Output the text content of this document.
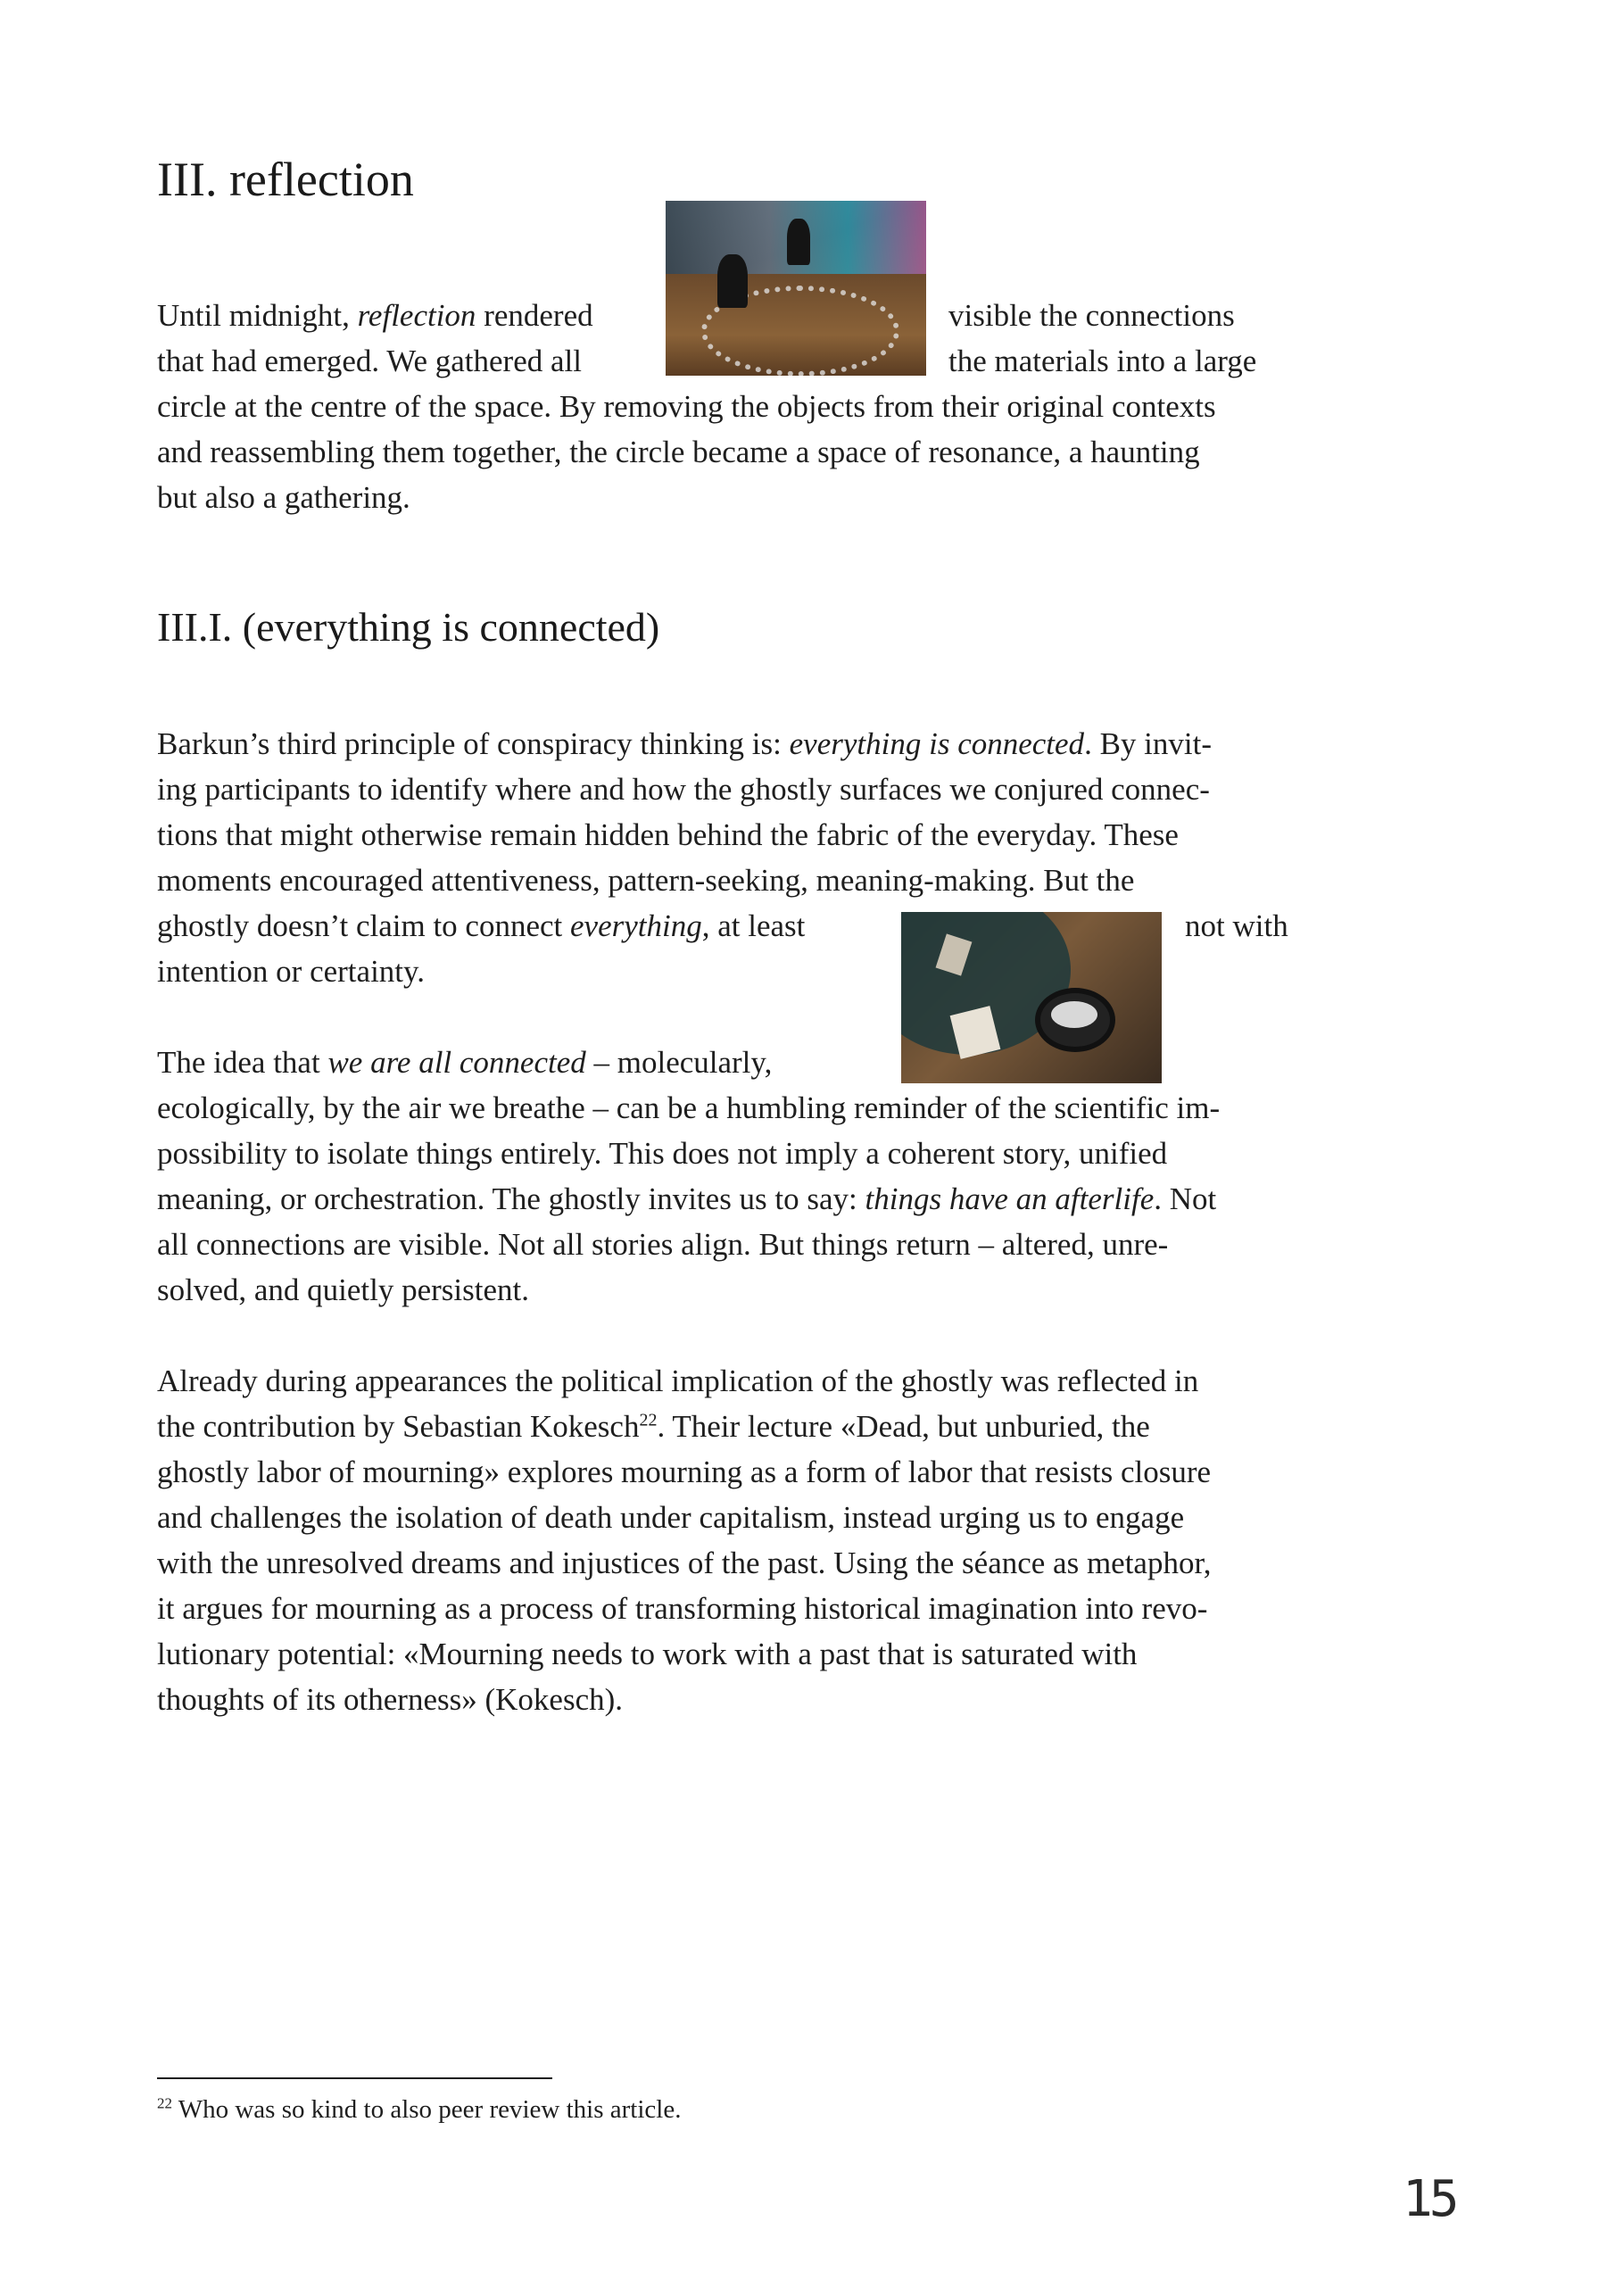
III. reflection
Until midnight, reflection rendered	visible the connections
that had emerged. We gathered all	the materials into a large
circle at the centre of the space. By removing the objects from their original contexts
and reassembling them together, the circle became a space of resonance, a haunting
but also a gathering.
III.I. (everything is connected)
Barkun’s third principle of conspiracy thinking is: everything is connected. By invit-
ing participants to identify where and how the ghostly surfaces we conjured connec-
tions that might otherwise remain hidden behind the fabric of the everyday. These
moments encouraged attentiveness, pattern-seeking, meaning-making. But the
ghostly doesn’t claim to connect everything, at least	not with
intention or certainty.
The idea that we are all connected – molecularly,
ecologically, by the air we breathe – can be a humbling reminder of the scientific im-
possibility to isolate things entirely. This does not imply a coherent story, unified
meaning, or orchestration. The ghostly invites us to say: things have an afterlife. Not
all connections are visible. Not all stories align. But things return – altered, unre-
solved, and quietly persistent.
Already during appearances the political implication of the ghostly was reflected in
the contribution by Sebastian Kokesch$^{22}$. Their lecture «Dead, but unburied, the
ghostly labor of mourning» explores mourning as a form of labor that resists closure
and challenges the isolation of death under capitalism, instead urging us to engage
with the unresolved dreams and injustices of the past. Using the séance as metaphor,
it argues for mourning as a process of transforming historical imagination into revo-
lutionary potential: «Mourning needs to work with a past that is saturated with
thoughts of its otherness» (Kokesch).
$^{22}$ Who was so kind to also peer review this article.
15
